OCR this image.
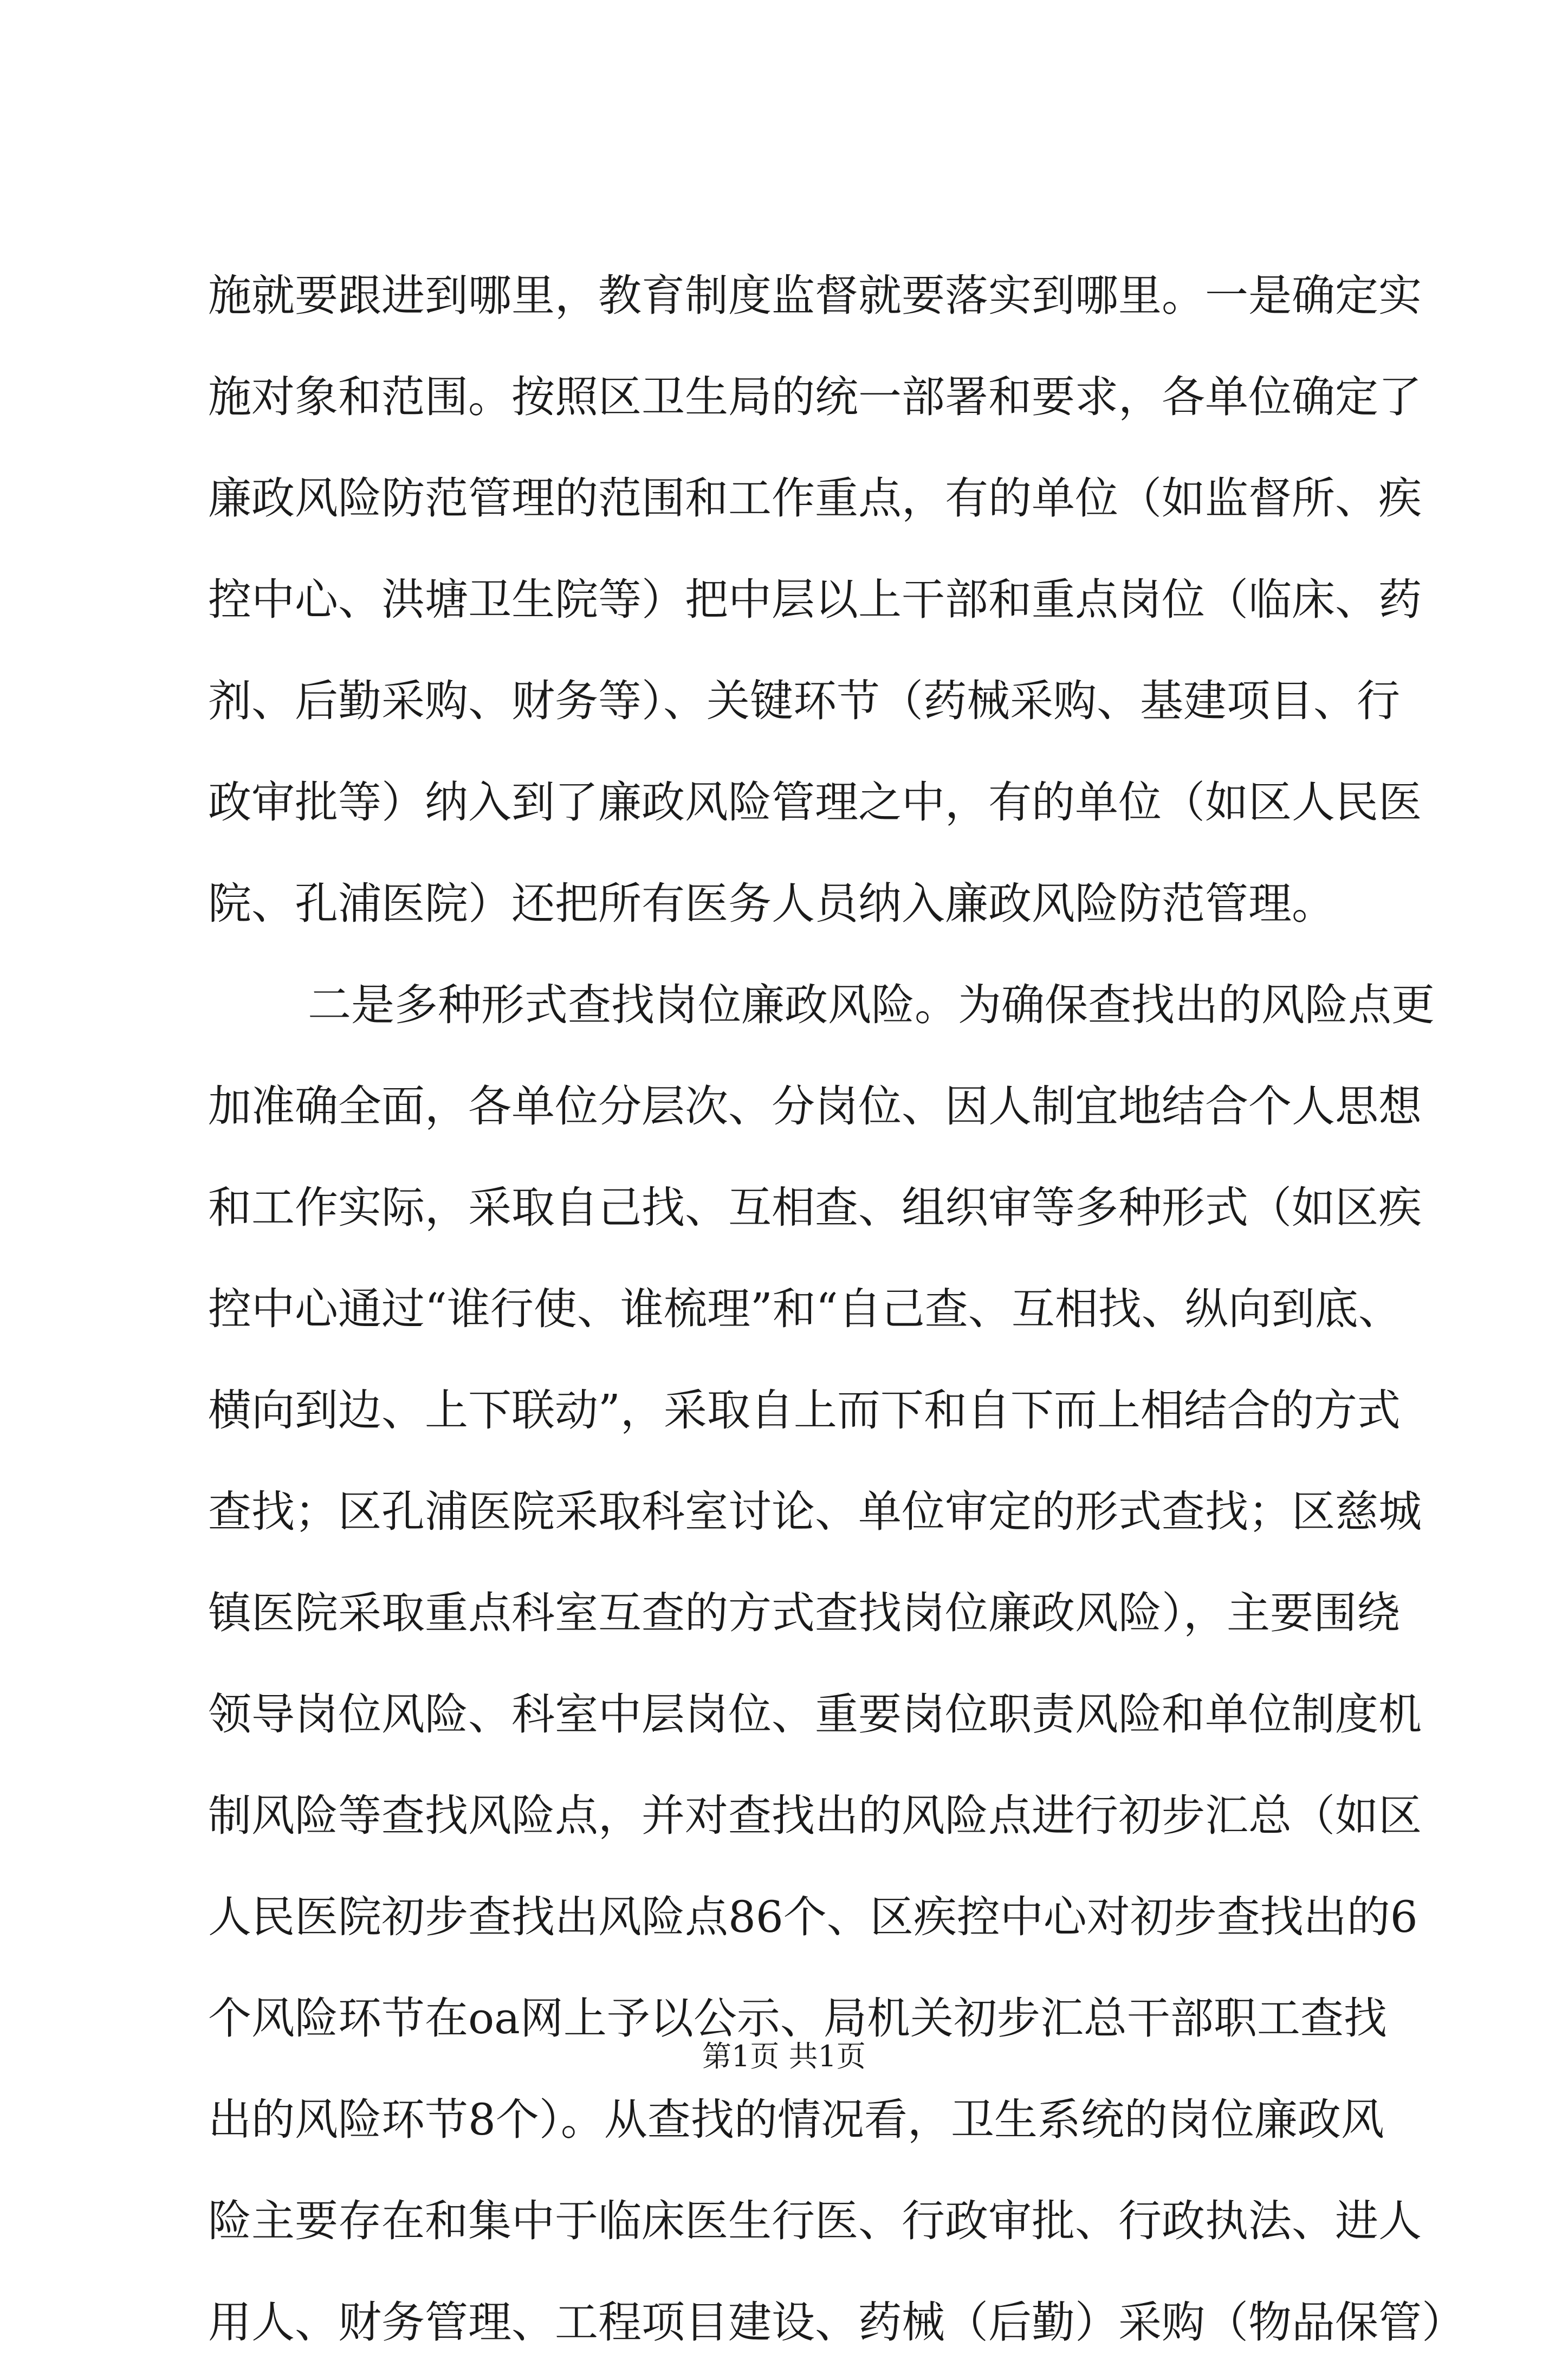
施就要跟进到哪里，教育制度监督就要落实到哪里。一是确定实
施对象和范围。按照区卫生局的统一部署和要求，各单位确定了
廉政风险防范管理的范围和工作重点，有的单位（如监督所、疾
控中心、洪塘卫生院等）把中层以上干部和重点岗位（临床、药
剂、后勤采购、财务等）、关键环节（药械采购、基建项目、行
政审批等）纳入到了廉政风险管理之中，有的单位（如区人民医
院、孔浦医院）还把所有医务人员纳入廉政风险防范管理。
二是多种形式查找岗位廉政风险。为确保查找出的风险点更
加准确全面，各单位分层次、分岗位、因人制宜地结合个人思想
和工作实际，采取自己找、互相查、组织审等多种形式（如区疾
控中心通过“谁行使、谁梳理”和“自己查、互相找、纵向到底、
横向到边、上下联动”，采取自上而下和自下而上相结合的方式
查找；区孔浦医院采取科室讨论、单位审定的形式查找；区慈城
镇医院采取重点科室互查的方式查找岗位廉政风险），主要围绕
领导岗位风险、科室中层岗位、重要岗位职责风险和单位制度机
制风险等查找风险点，并对查找出的风险点进行初步汇总（如区
人民医院初步查找出风险点86个、区疾控中心对初步查找出的6
个风险环节在oa网上予以公示、局机关初步汇总干部职工查找
出的风险环节8个）。从查找的情况看，卫生系统的岗位廉政风
险主要存在和集中于临床医生行医、行政审批、行政执法、进人
用人、财务管理、工程项目建设、药械（后勤）采购（物品保管）
第1页 共1页
